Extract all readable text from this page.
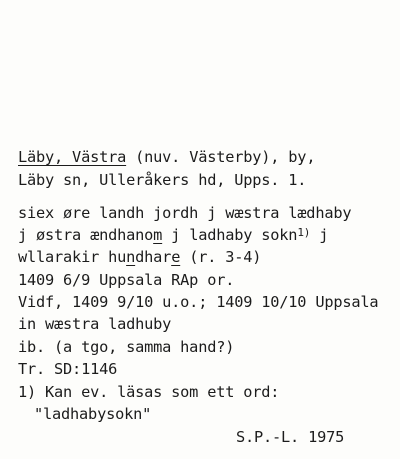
Läby, Västra (nuv. Västerby), by,
Läby sn, Ulleråkers hd, Upps. 1.
siex øre landh jordh j wæstra lædhaby
j østra ændhanom j ladhaby sokn$^{1)}$ j
wllarakir hundhare (r. 3-4)
1409 6/9 Uppsala RAp or.
Vidf, 1409 9/10 u.o.; 1409 10/10 Uppsala
in wæstra ladhuby
ib. (a tgo, samma hand?)
Tr. SD:1146
1) Kan ev. läsas som ett ord:
"ladhabysokn"
S.P.-L. 1975
